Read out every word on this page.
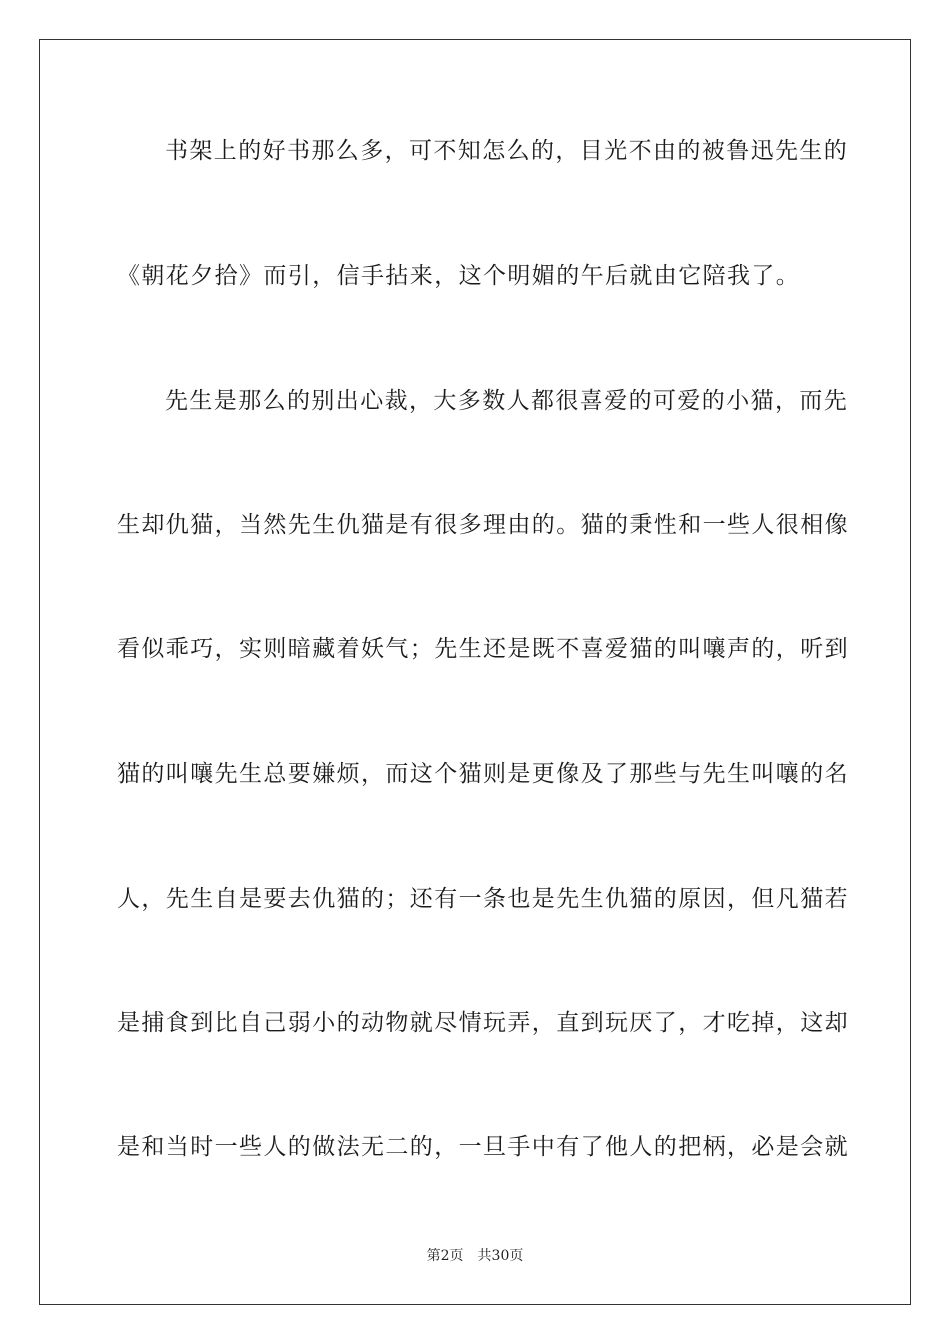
书架上的好书那么多，可不知怎么的，目光不由的被鲁迅先生的
《朝花夕拾》而引，信手拈来，这个明媚的午后就由它陪我了。
先生是那么的别出心裁，大多数人都很喜爱的可爱的小猫，而先
生却仇猫，当然先生仇猫是有很多理由的。猫的秉性和一些人很相像
看似乖巧，实则暗藏着妖气；先生还是既不喜爱猫的叫嚷声的，听到
猫的叫嚷先生总要嫌烦，而这个猫则是更像及了那些与先生叫嚷的名
人，先生自是要去仇猫的；还有一条也是先生仇猫的原因，但凡猫若
是捕食到比自己弱小的动物就尽情玩弄，直到玩厌了，才吃掉，这却
是和当时一些人的做法无二的，一旦手中有了他人的把柄，必是会就
第2页 共30页
